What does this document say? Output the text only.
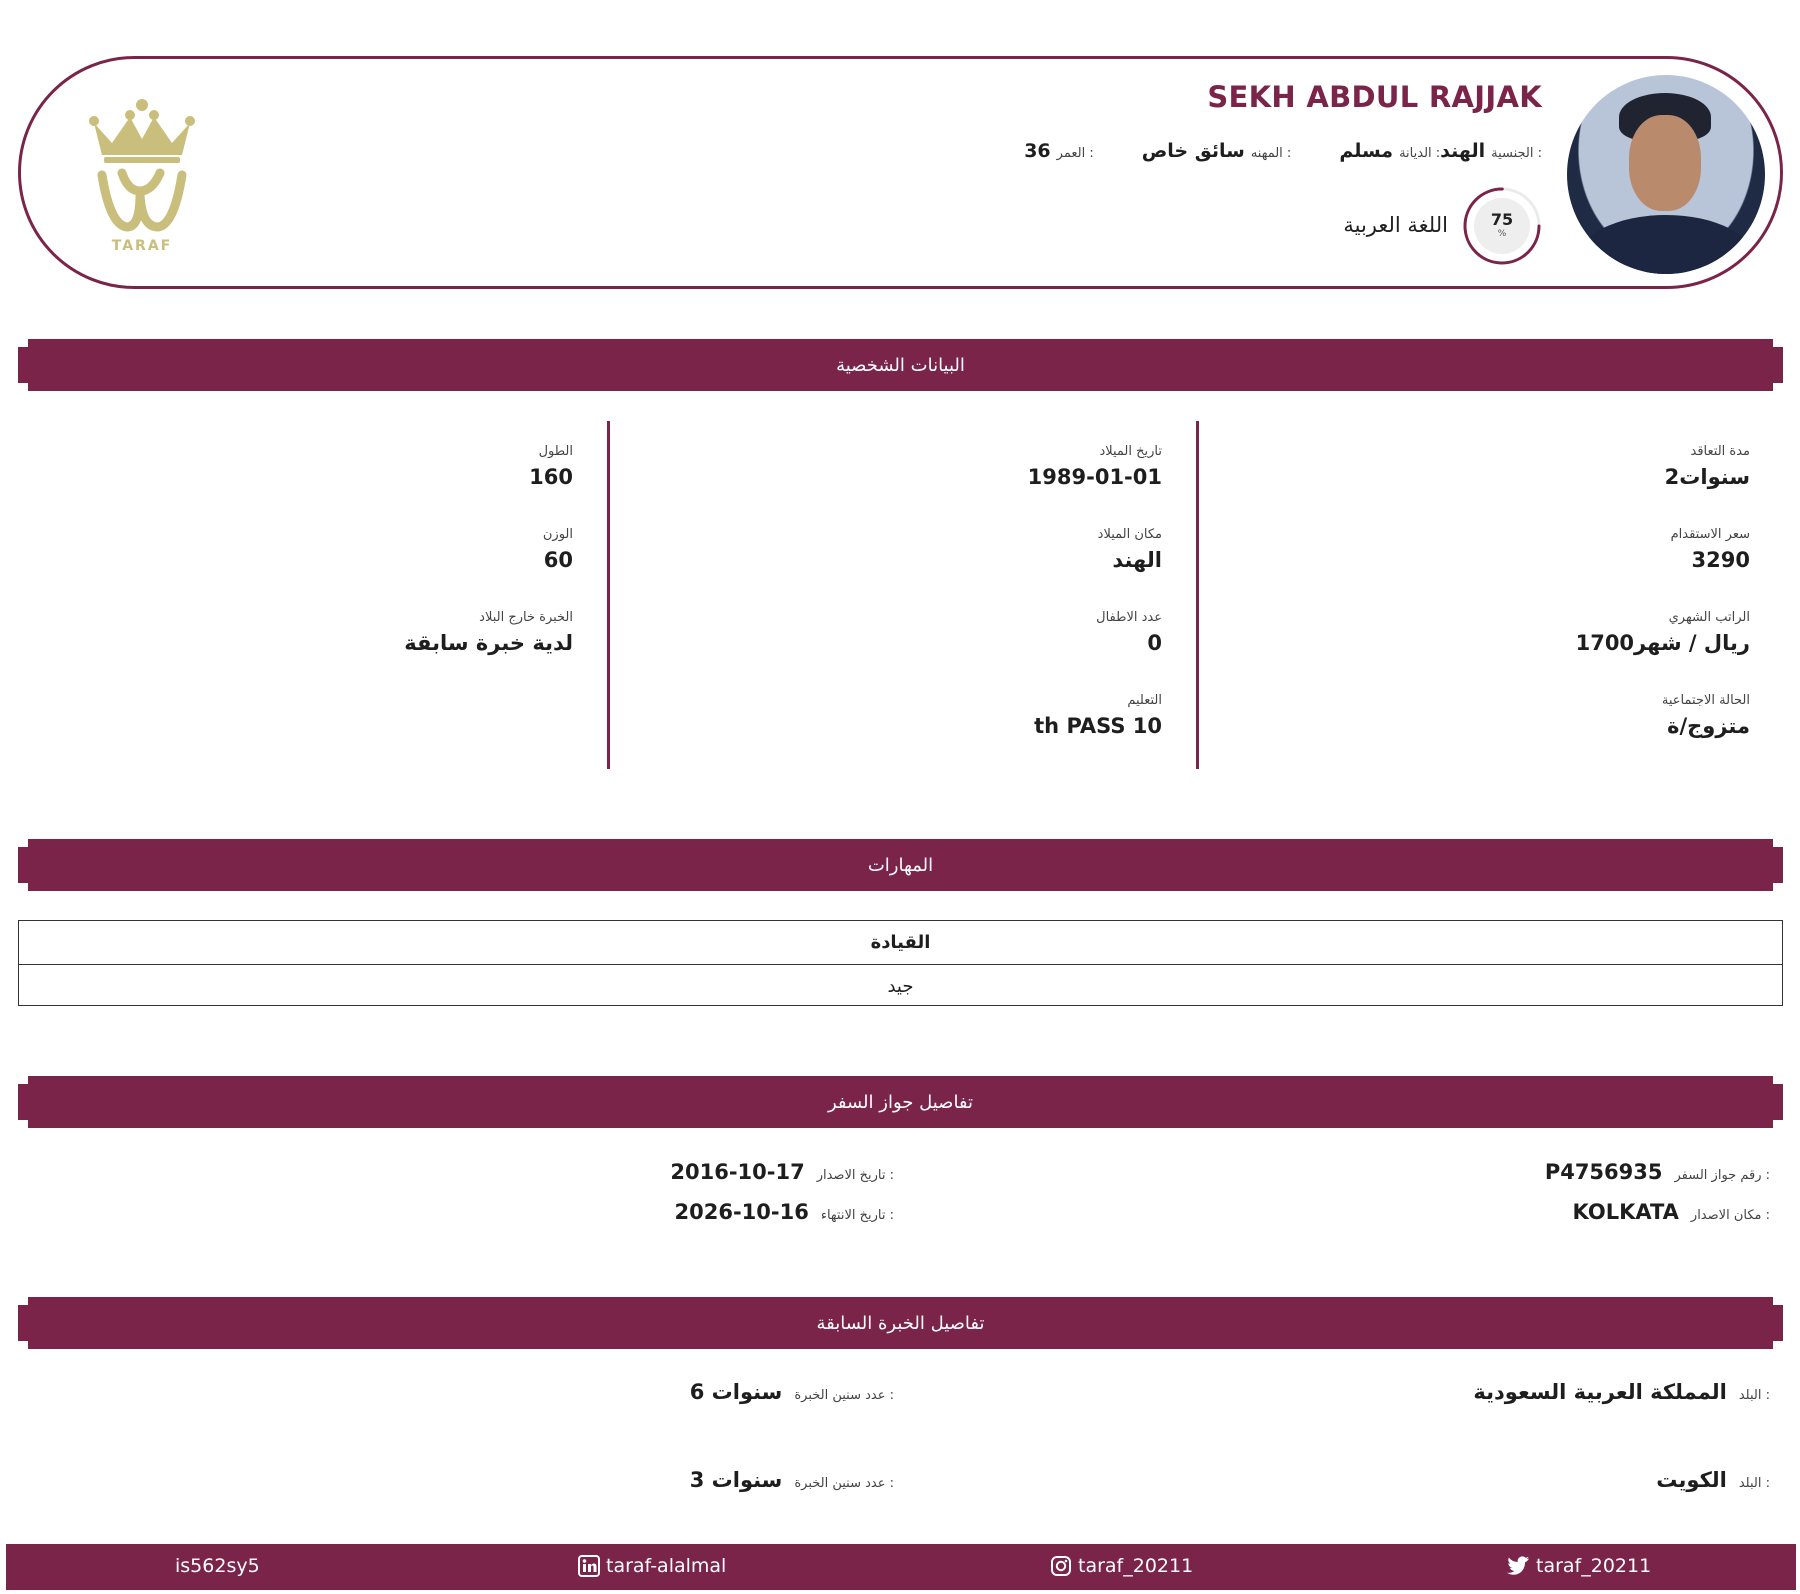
SEKH ABDUL RAJJAK
الجنسية :
الهند
الديانة :
مسلم
المهنه :
سائق خاص
العمر :
36
75
%
اللغة العربية
TARAF
البيانات الشخصية
مدة التعاقد
2سنوات
سعر الاستقدام
3290
الراتب الشهري
1700ريال / شهر
الحالة الاجتماعية
متزوج/ة
تاريخ الميلاد
1989-01-01
مكان الميلاد
الهند
عدد الاطفال
0
التعليم
th PASS 10
الطول
160
الوزن
60
الخبرة خارج البلاد
لدية خبرة سابقة
المهارات
القيادة
جيد
تفاصيل جواز السفر
رقم جواز السفر :
P4756935
مكان الاصدار :
KOLKATA
تاريخ الاصدار :
2016-10-17
تاريخ الانتهاء :
2026-10-16
تفاصيل الخبرة السابقة
البلد :
المملكة العربية السعودية
عدد سنين الخبرة :
6 سنوات
البلد :
الكويت
عدد سنين الخبرة :
3 سنوات
is562sy5	taraf-alalmal	taraf_20211	taraf_20211
